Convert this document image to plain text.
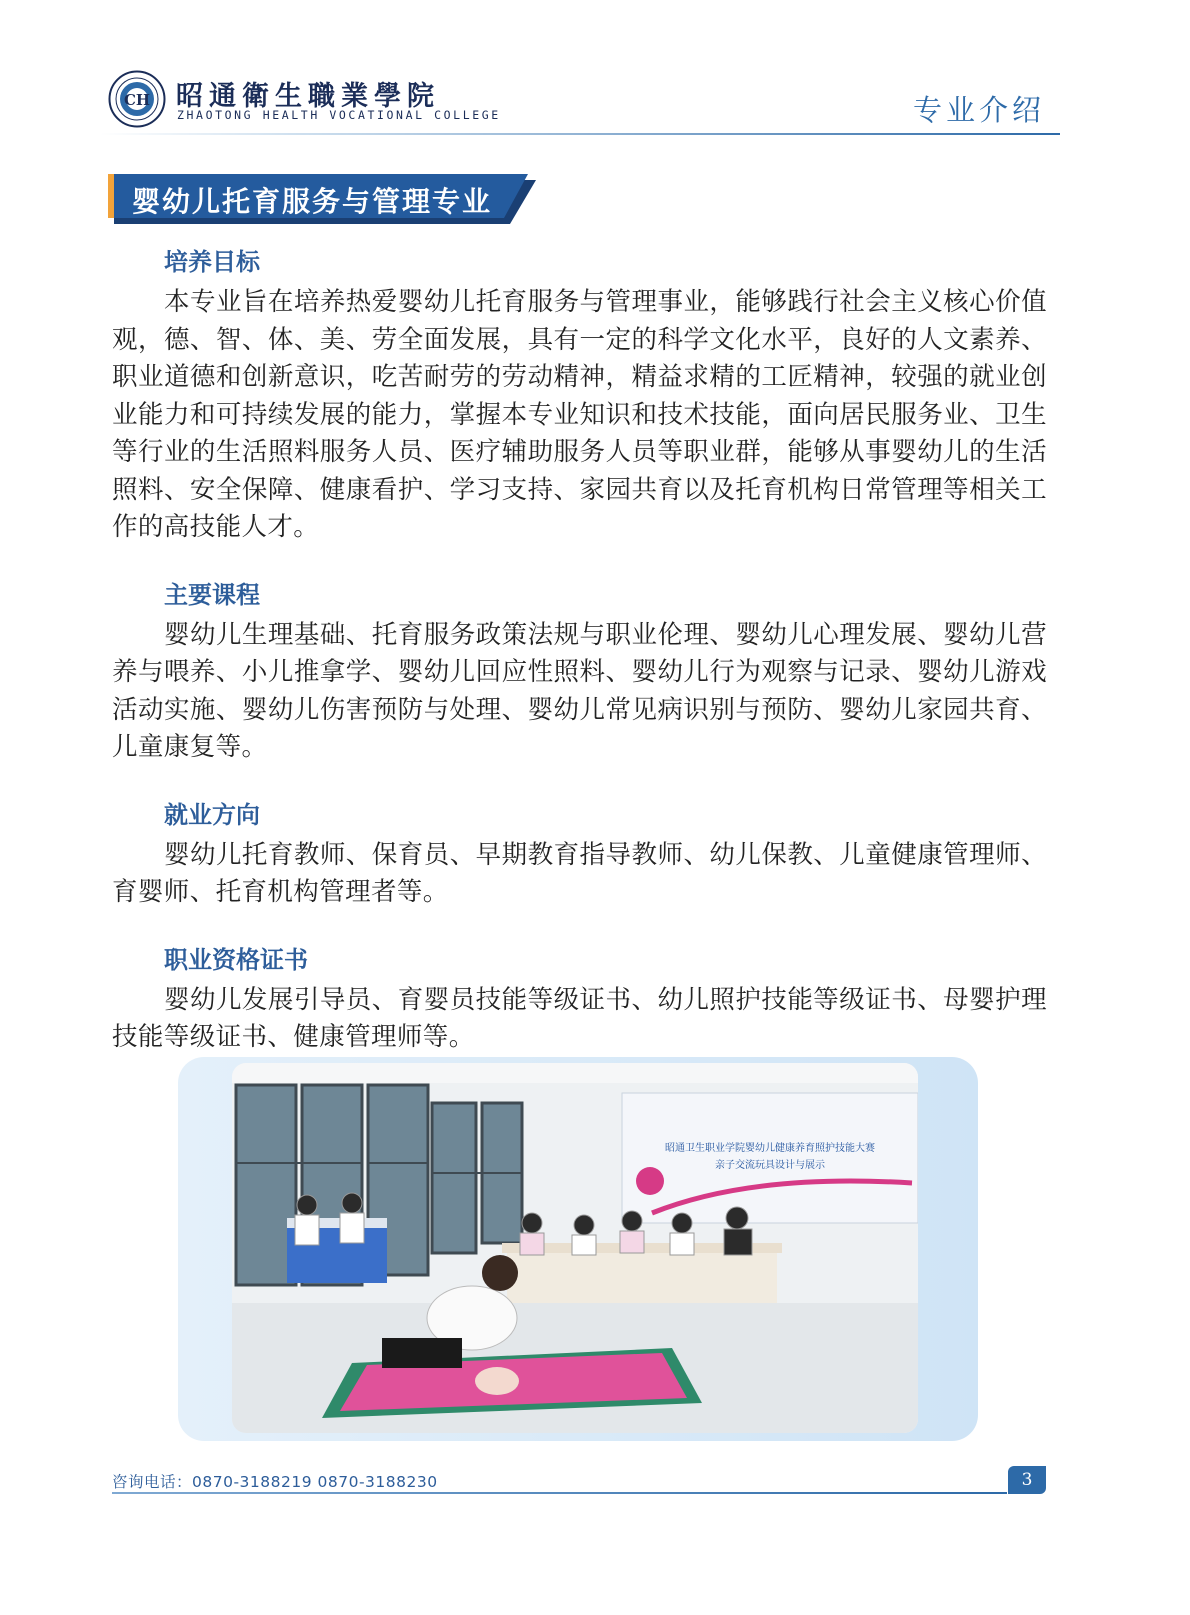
CH 昭通衛生職業學院
ZHAOTONG HEALTH VOCATIONAL COLLEGE	专业介绍
婴幼儿托育服务与管理专业
培养目标

本专业旨在培养热爱婴幼儿托育服务与管理事业，能够践行社会主义核心价值观，德、智、体、美、劳全面发展，具有一定的科学文化水平，良好的人文素养、职业道德和创新意识，吃苦耐劳的劳动精神，精益求精的工匠精神，较强的就业创业能力和可持续发展的能力，掌握本专业知识和技术技能，面向居民服务业、卫生等行业的生活照料服务人员、医疗辅助服务人员等职业群，能够从事婴幼儿的生活照料、安全保障、健康看护、学习支持、家园共育以及托育机构日常管理等相关工作的高技能人才。

主要课程

婴幼儿生理基础、托育服务政策法规与职业伦理、婴幼儿心理发展、婴幼儿营养与喂养、小儿推拿学、婴幼儿回应性照料、婴幼儿行为观察与记录、婴幼儿游戏活动实施、婴幼儿伤害预防与处理、婴幼儿常见病识别与预防、婴幼儿家园共育、儿童康复等。

就业方向

婴幼儿托育教师、保育员、早期教育指导教师、幼儿保教、儿童健康管理师、育婴师、托育机构管理者等。

职业资格证书

婴幼儿发展引导员、育婴员技能等级证书、幼儿照护技能等级证书、母婴护理技能等级证书、健康管理师等。

昭通卫生职业学院婴幼儿健康养育照护技能大赛
亲子交流玩具设计与展示
咨询电话：0870-3188219 0870-3188230	3
